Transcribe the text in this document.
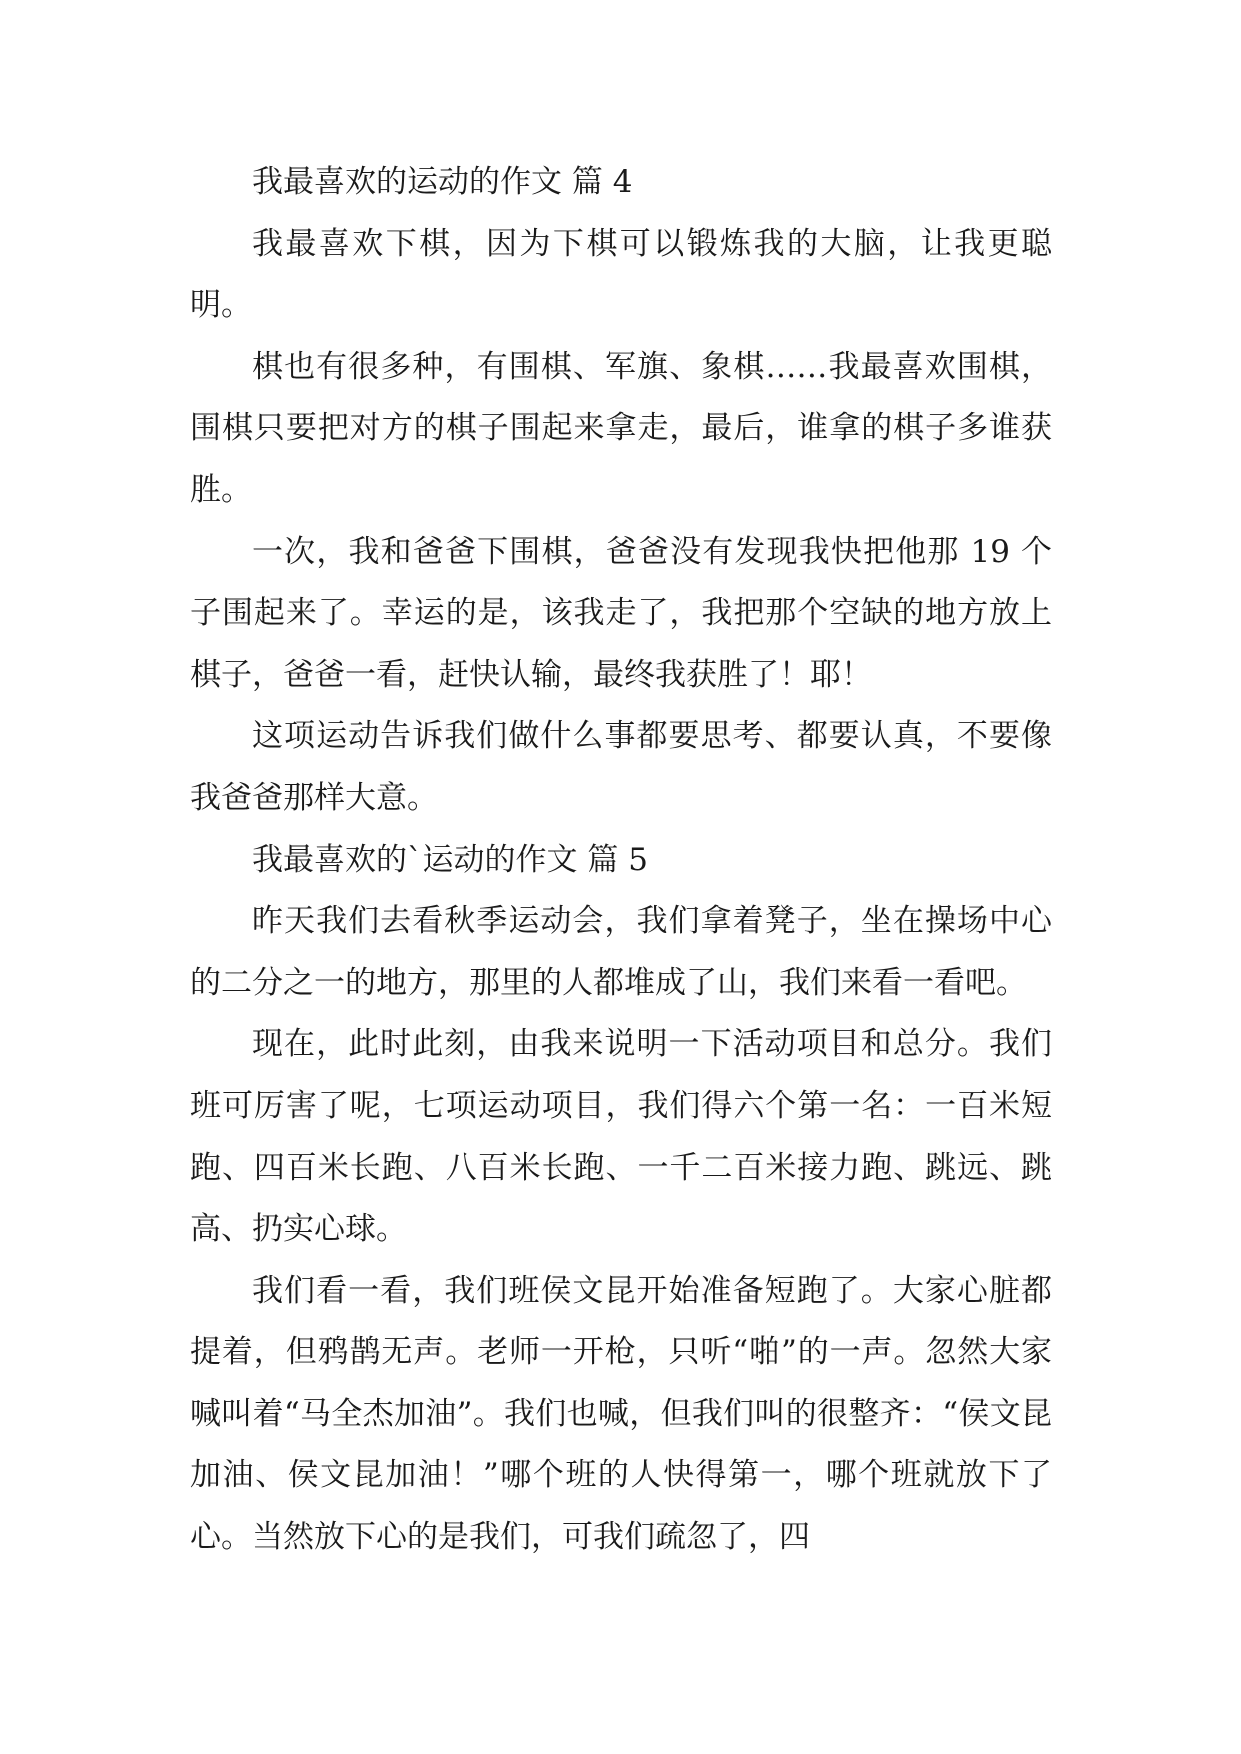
我最喜欢的运动的作文 篇 4

我最喜欢下棋，因为下棋可以锻炼我的大脑，让我更聪明。

棋也有很多种，有围棋、军旗、象棋……我最喜欢围棋，围棋只要把对方的棋子围起来拿走，最后，谁拿的棋子多谁获胜。

一次，我和爸爸下围棋，爸爸没有发现我快把他那 19 个子围起来了。幸运的是，该我走了，我把那个空缺的地方放上棋子，爸爸一看，赶快认输，最终我获胜了！耶！

这项运动告诉我们做什么事都要思考、都要认真，不要像我爸爸那样大意。

我最喜欢的`运动的作文 篇 5

昨天我们去看秋季运动会，我们拿着凳子，坐在操场中心的二分之一的地方，那里的人都堆成了山，我们来看一看吧。

现在，此时此刻，由我来说明一下活动项目和总分。我们班可厉害了呢，七项运动项目，我们得六个第一名：一百米短跑、四百米长跑、八百米长跑、一千二百米接力跑、跳远、跳高、扔实心球。

我们看一看，我们班侯文昆开始准备短跑了。大家心脏都提着，但鸦鹊无声。老师一开枪，只听“啪”的一声。忽然大家喊叫着“马全杰加油”。我们也喊，但我们叫的很整齐：“侯文昆加油、侯文昆加油！”哪个班的人快得第一，哪个班就放下了心。当然放下心的是我们，可我们疏忽了，四
